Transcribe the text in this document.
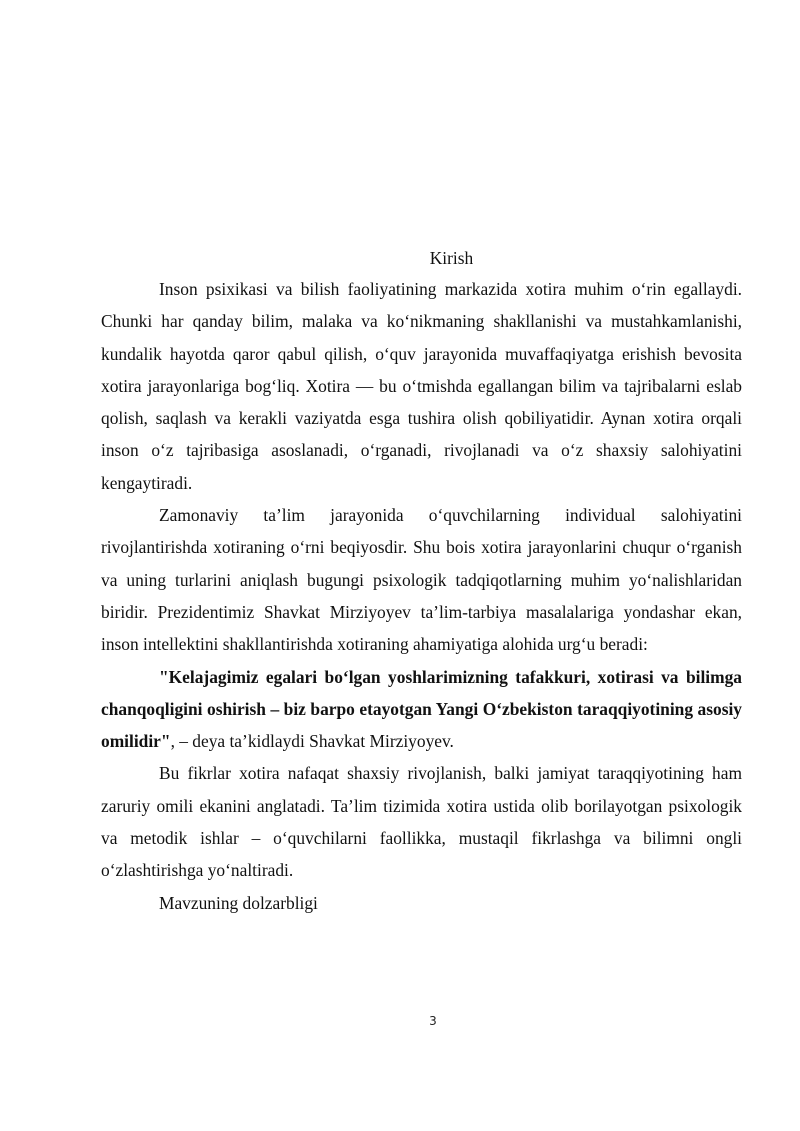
Kirish

Inson psixikasi va bilish faoliyatining markazida xotira muhim o‘rin egallaydi. Chunki har qanday bilim, malaka va ko‘nikmaning shakllanishi va mustahkamlanishi, kundalik hayotda qaror qabul qilish, o‘quv jarayonida muvaffaqiyatga erishish bevosita xotira jarayonlariga bog‘liq. Xotira — bu o‘tmishda egallangan bilim va tajribalarni eslab qolish, saqlash va kerakli vaziyatda esga tushira olish qobiliyatidir. Aynan xotira orqali inson o‘z tajribasiga asoslanadi, o‘rganadi, rivojlanadi va o‘z shaxsiy salohiyatini kengaytiradi.

Zamonaviy ta’lim jarayonida o‘quvchilarning individual salohiyatini rivojlantirishda xotiraning o‘rni beqiyosdir. Shu bois xotira jarayonlarini chuqur o‘rganish va uning turlarini aniqlash bugungi psixologik tadqiqotlarning muhim yo‘nalishlaridan biridir. Prezidentimiz Shavkat Mirziyoyev ta’lim-tarbiya masalalariga yondashar ekan, inson intellektini shakllantirishda xotiraning ahamiyatiga alohida urg‘u beradi:

"Kelajagimiz egalari bo‘lgan yoshlarimizning tafakkuri, xotirasi va bilimga chanqoqligini oshirish – biz barpo etayotgan Yangi O‘zbekiston taraqqiyotining asosiy omilidir", – deya ta’kidlaydi Shavkat Mirziyoyev.

Bu fikrlar xotira nafaqat shaxsiy rivojlanish, balki jamiyat taraqqiyotining ham zaruriy omili ekanini anglatadi. Ta’lim tizimida xotira ustida olib borilayotgan psixologik va metodik ishlar – o‘quvchilarni faollikka, mustaqil fikrlashga va bilimni ongli o‘zlashtirishga yo‘naltiradi.

Mavzuning dolzarbligi

3
